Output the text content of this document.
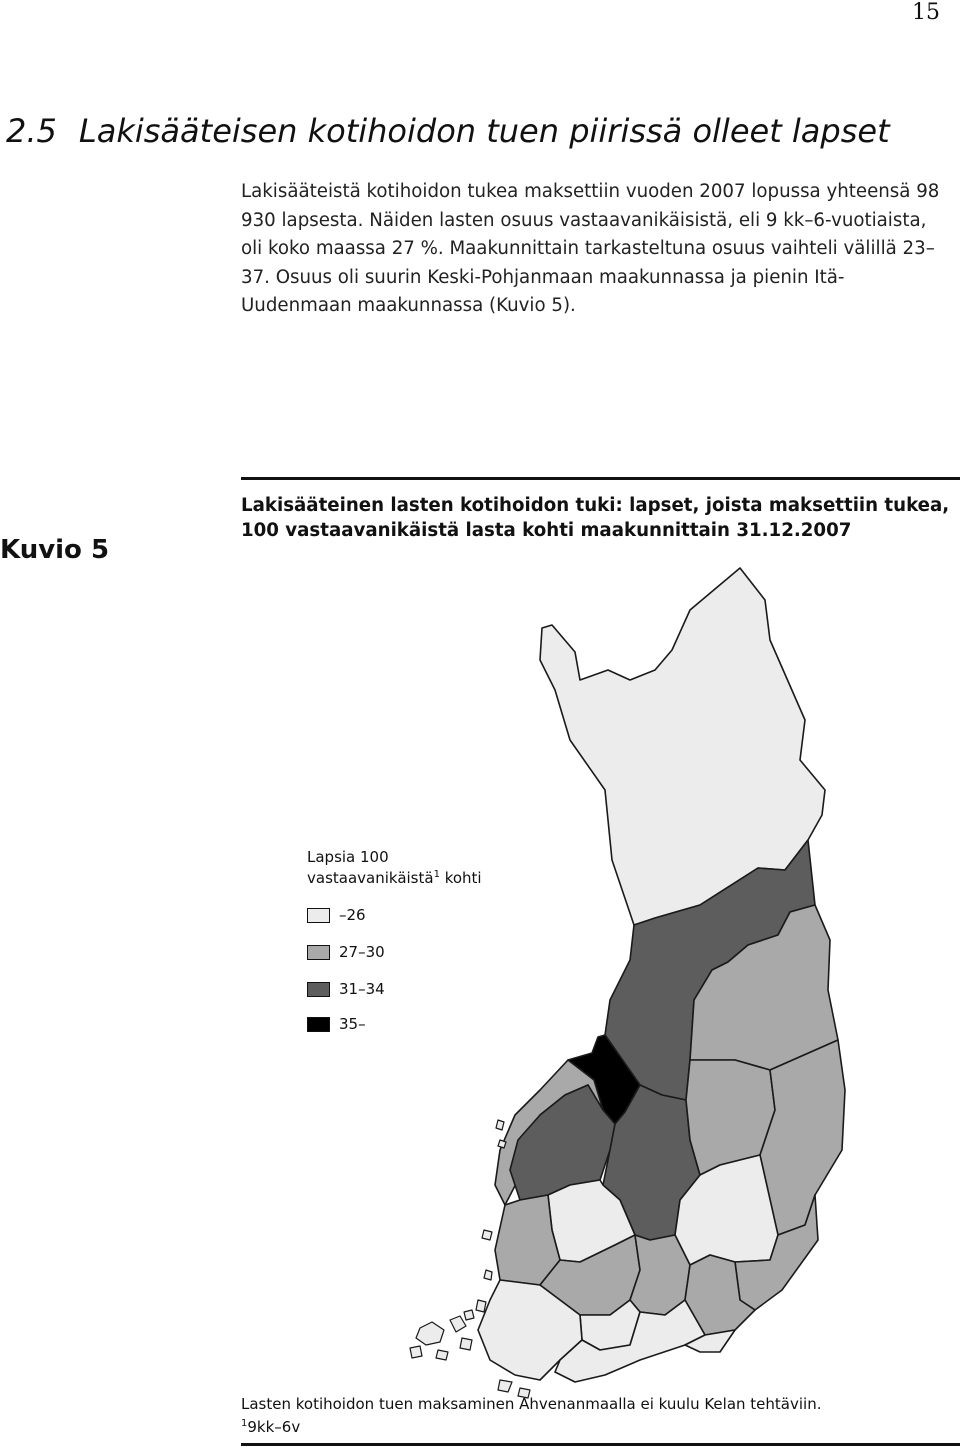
15
2.5 Lakisääteisen kotihoidon tuen piirissä olleet lapset

Lakisääteistä kotihoidon tukea maksettiin vuoden 2007 lopussa yhteensä 98 930 lapsesta. Näiden lasten osuus vastaavanikäisistä, eli 9 kk–6-vuotiaista, oli koko maassa 27 %. Maakunnittain tarkasteltuna osuus vaihteli välillä 23–37. Osuus oli suurin Keski-Pohjanmaan maakunnassa ja pienin Itä-Uudenmaan maakunnassa (Kuvio 5).

Kuvio 5

Lakisääteinen lasten kotihoidon tuki: lapset, joista maksettiin tukea, 100 vastaavanikäistä lasta kohti maakunnittain 31.12.2007

Lapsia 100
vastaavanikäistä$^1$ kohti
–26
27–30
31–34
35–
Lasten kotihoidon tuen maksaminen Ahvenanmaalla ei kuulu Kelan tehtäviin.
$^1$9kk–6v
